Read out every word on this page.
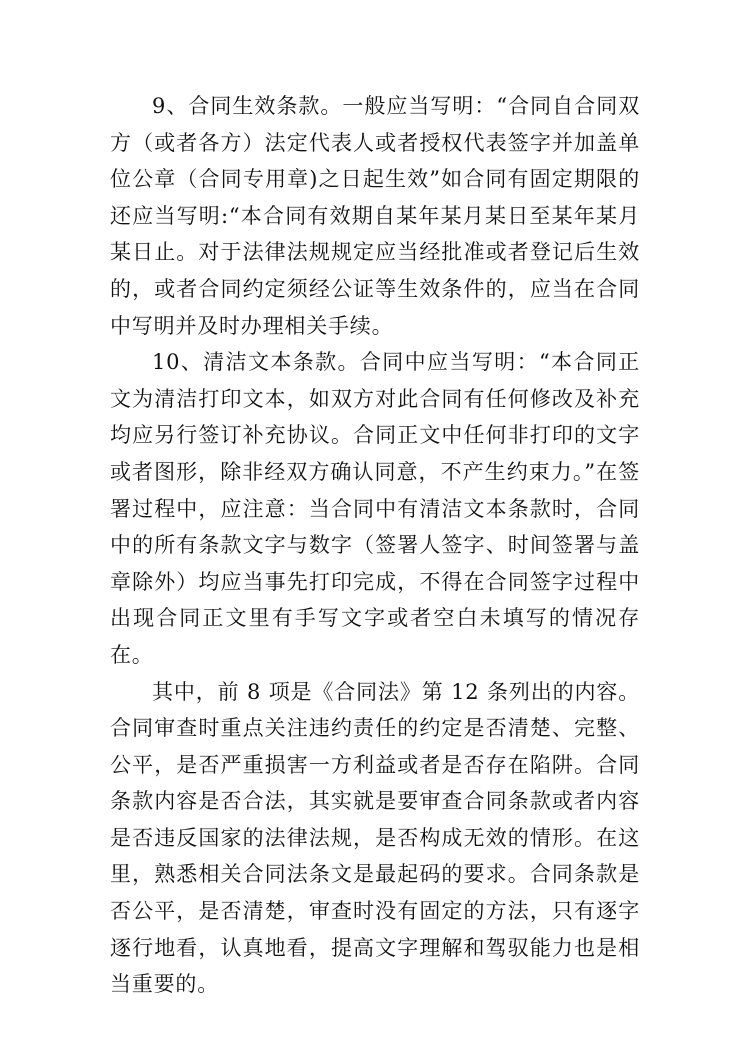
9、合同生效条款。一般应当写明：“合同自合同双方（或者各方）法定代表人或者授权代表签字并加盖单位公章（合同专用章)之日起生效”如合同有固定期限的 还应当写明:“本合同有效期自某年某月某日至某年某月某日止。对于法律法规规定应当经批准或者登记后生效的，或者合同约定须经公证等生效条件的，应当在合同中写明并及时办理相关手续。

10、清洁文本条款。合同中应当写明：“本合同正文为清洁打印文本，如双方对此合同有任何修改及补充均应另行签订补充协议。合同正文中任何非打印的文字或者图形，除非经双方确认同意，不产生约束力。”在签署过程中，应注意：当合同中有清洁文本条款时，合同中的所有条款文字与数字（签署人签字、时间签署与盖章除外）均应当事先打印完成，不得在合同签字过程中出现合同正文里有手写文字或者空白未填写的情况存在。

其中，前 8 项是《合同法》第 12 条列出的内容。合同审查时重点关注违约责任的约定是否清楚、完整、公平，是否严重损害一方利益或者是否存在陷阱。合同条款内容是否合法，其实就是要审查合同条款或者内容是否违反国家的法律法规，是否构成无效的情形。在这里，熟悉相关合同法条文是最起码的要求。合同条款是否公平，是否清楚，审查时没有固定的方法，只有逐字逐行地看，认真地看，提高文字理解和驾驭能力也是相当重要的。
